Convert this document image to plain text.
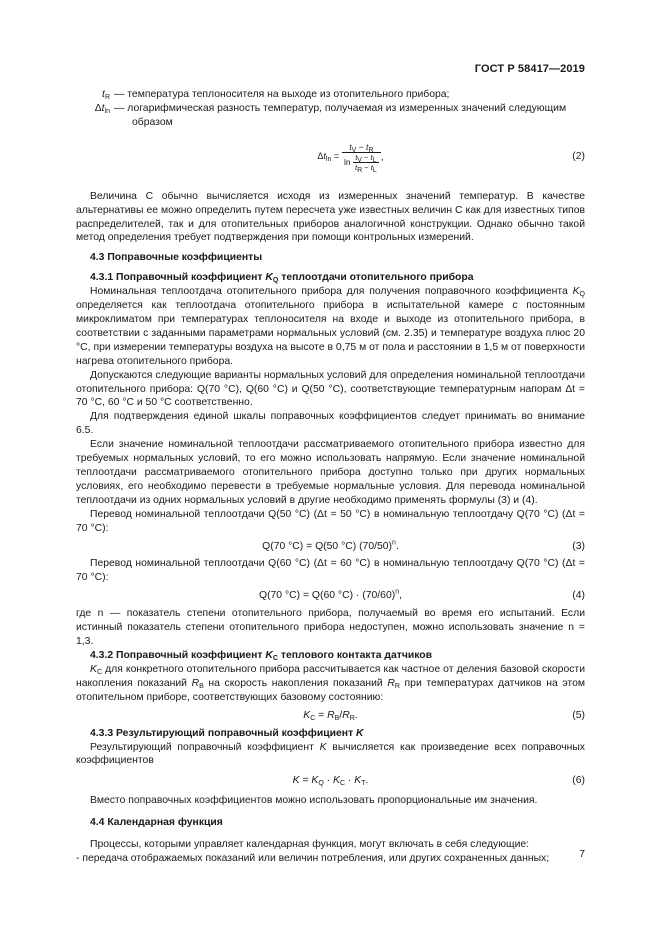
ГОСТ Р 58417—2019
$t_R$ — температура теплоносителя на выходе из отопительного прибора;
$\Delta t_{ln}$ — логарифмическая разность температур, получаемая из измеренных значений следующим
образом
$\Delta t_{ln} = \frac{t_V - t_R}{\ln \frac{t_V - t_L}{t_R - t_L}}$ ,	(2)

Величина С обычно вычисляется исходя из измеренных значений температур. В качестве альтернативы ее можно определить путем пересчета уже известных величин С как для известных типов распределителей, так и для отопительных приборов аналогичной конструкции. Однако обычно такой метод определения требует подтверждения при помощи контрольных измерений.

4.3 Поправочные коэффициенты
4.3.1 Поправочный коэффициент $K_Q$ теплоотдачи отопительного прибора

Номинальная теплоотдача отопительного прибора для получения поправочного коэффициента $K_Q$ определяется как теплоотдача отопительного прибора в испытательной камере с постоянным микроклиматом при температурах теплоносителя на входе и выходе из отопительного прибора, в соответствии с заданными параметрами нормальных условий (см. 2.35) и температуре воздуха плюс 20 °С, при измерении температуры воздуха на высоте в 0,75 м от пола и расстоянии в 1,5 м от поверхности нагрева отопительного прибора.

Допускаются следующие варианты нормальных условий для определения номинальной теплоотдачи отопительного прибора: Q(70 °C), Q(60 °C) и Q(50 °C), соответствующие температурным напорам Δt = 70 °C, 60 °C и 50 °C соответственно.

Для подтверждения единой шкалы поправочных коэффициентов следует принимать во внимание 6.5.

Если значение номинальной теплоотдачи рассматриваемого отопительного прибора известно для требуемых нормальных условий, то его можно использовать напрямую. Если значение номинальной теплоотдачи рассматриваемого отопительного прибора доступно только при других нормальных условиях, его необходимо перевести в требуемые нормальные условия. Для перевода номинальной теплоотдачи из одних нормальных условий в другие необходимо применять формулы (3) и (4).

Перевод номинальной теплоотдачи Q(50 °C) (Δt = 50 °C) в номинальную теплоотдачу Q(70 °C) (Δt = 70 °C):

Q(70 °C) = Q(50 °C) $(70/50)^n$.	(3)

Перевод номинальной теплоотдачи Q(60 °C) (Δt = 60 °C) в номинальную теплоотдачу Q(70 °C) (Δt = 70 °C):

Q(70 °C) = Q(60 $^\circ C) \cdot (70/60)^n$,	(4)

где n — показатель степени отопительного прибора, получаемый во время его испытаний. Если истинный показатель степени отопительного прибора недоступен, можно использовать значение n = 1,3.

4.3.2 Поправочный коэффициент $K_C$ теплового контакта датчиков

$K_C$ для конкретного отопительного прибора рассчитывается как частное от деления базовой скорости накопления показаний $R_B$ на скорость накопления показаний $R_R$ при температурах датчиков на этом отопительном приборе, соответствующих базовому состоянию:

$K_C = R_B/R_R$.	(5)
4.3.3 Результирующий поправочный коэффициент K

Результирующий поправочный коэффициент K вычисляется как произведение всех поправочных коэффициентов

$K = K_Q \cdot K_C \cdot K_T$.	(6)

Вместо поправочных коэффициентов можно использовать пропорциональные им значения.

4.4 Календарная функция

Процессы, которыми управляет календарная функция, могут включать в себя следующие:

- передача отображаемых показаний или величин потребления, или других сохраненных данных;	7
